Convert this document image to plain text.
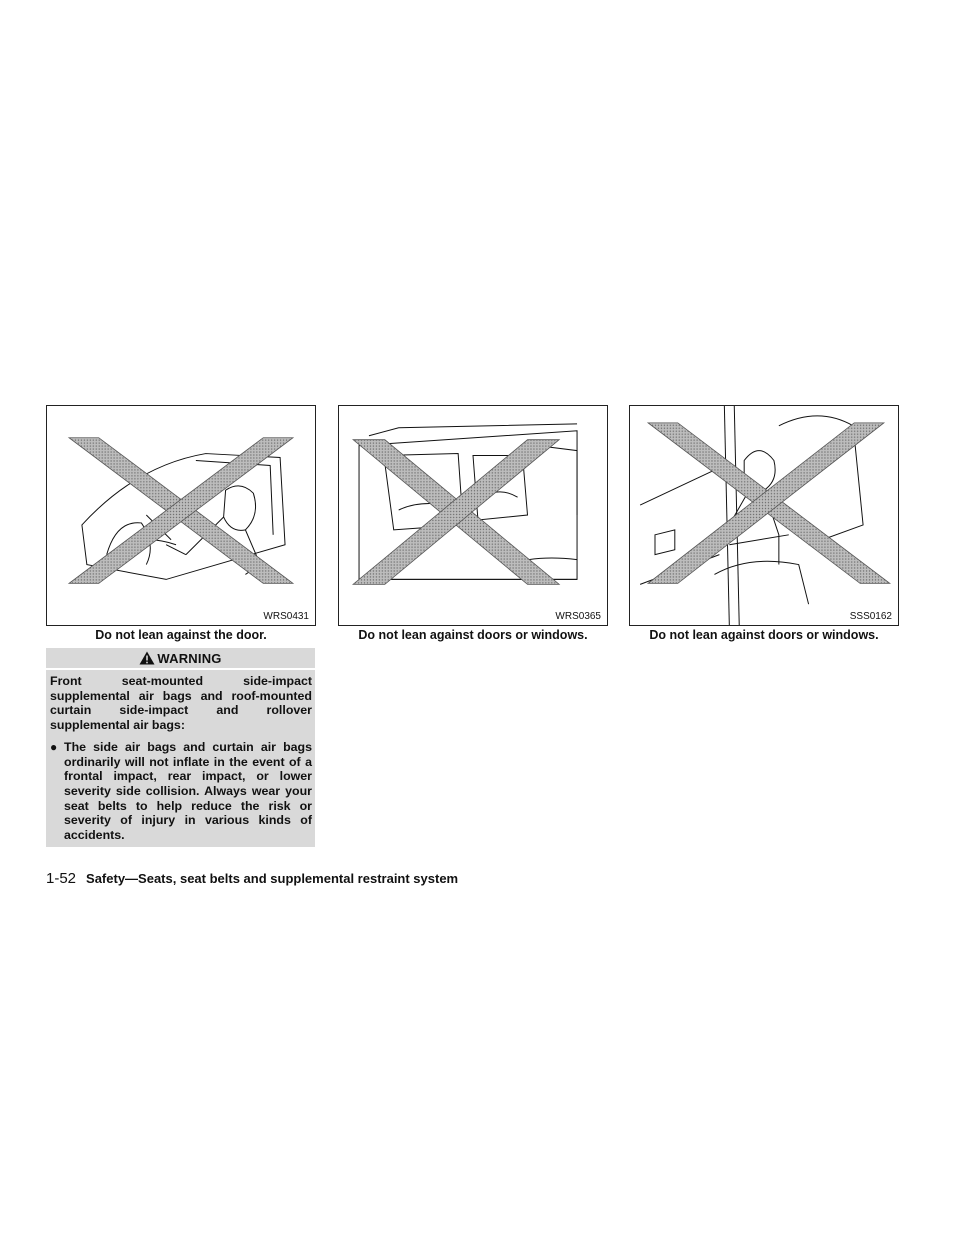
WRS0431	WRS0365	SSS0162
Do not lean against the door.	Do not lean against doors or windows.	Do not lean against doors or windows.
WARNING

Front seat-mounted side-impact supplemental air bags and roof-mounted curtain side-impact and rollover supplemental air bags:

● The side air bags and curtain air bags ordinarily will not inflate in the event of a frontal impact, rear impact, or lower severity side collision. Always wear your seat belts to help reduce the risk or severity of injury in various kinds of accidents.
1-52 Safety—Seats, seat belts and supplemental restraint system
